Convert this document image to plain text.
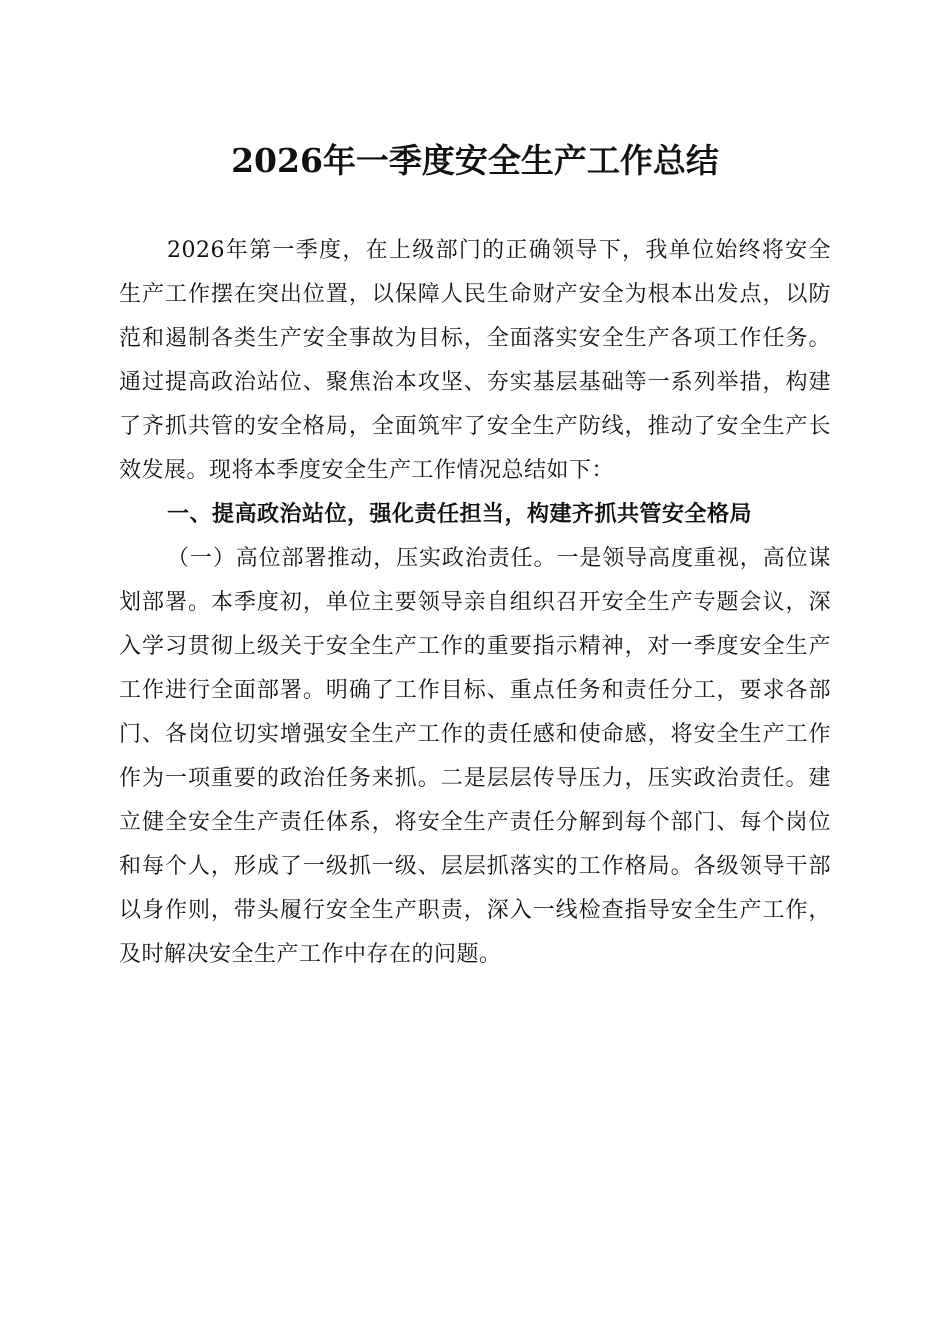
2026年一季度安全生产工作总结

2026年第一季度，在上级部门的正确领导下，我单位始终将安全生产工作摆在突出位置，以保障人民生命财产安全为根本出发点，以防范和遏制各类生产安全事故为目标，全面落实安全生产各项工作任务。通过提高政治站位、聚焦治本攻坚、夯实基层基础等一系列举措，构建了齐抓共管的安全格局，全面筑牢了安全生产防线，推动了安全生产长效发展。现将本季度安全生产工作情况总结如下：

一、提高政治站位，强化责任担当，构建齐抓共管安全格局

（一）高位部署推动，压实政治责任。一是领导高度重视，高位谋划部署。本季度初，单位主要领导亲自组织召开安全生产专题会议，深入学习贯彻上级关于安全生产工作的重要指示精神，对一季度安全生产工作进行全面部署。明确了工作目标、重点任务和责任分工，要求各部门、各岗位切实增强安全生产工作的责任感和使命感，将安全生产工作作为一项重要的政治任务来抓。二是层层传导压力，压实政治责任。建立健全安全生产责任体系，将安全生产责任分解到每个部门、每个岗位和每个人，形成了一级抓一级、层层抓落实的工作格局。各级领导干部以身作则，带头履行安全生产职责，深入一线检查指导安全生产工作，及时解决安全生产工作中存在的问题。
